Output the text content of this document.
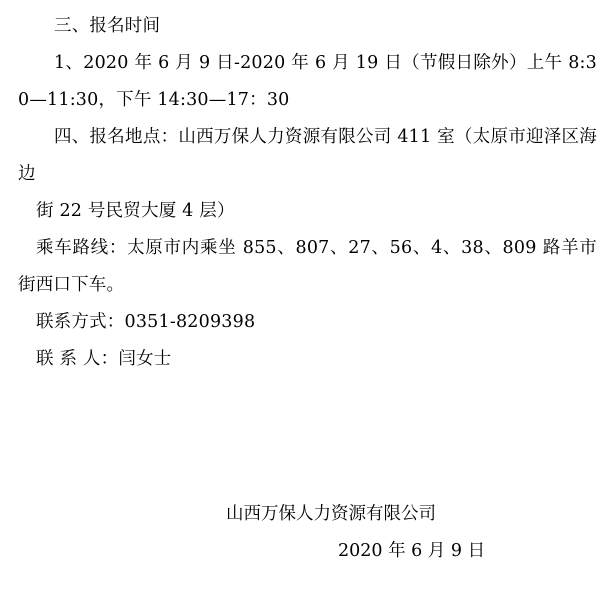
三、报名时间

1、2020 年 6 月 9 日-2020 年 6 月 19 日（节假日除外）上午 8:30—11:30，下午 14:30—17：30

四、报名地点：山西万保人力资源有限公司 411 室（太原市迎泽区海边

街 22 号民贸大厦 4 层）

乘车路线：太原市内乘坐 855、807、27、56、4、38、809 路羊市街西口下车。

联系方式：0351-8209398

联 系 人：闫女士

山西万保人力资源有限公司

2020 年 6 月 9 日
